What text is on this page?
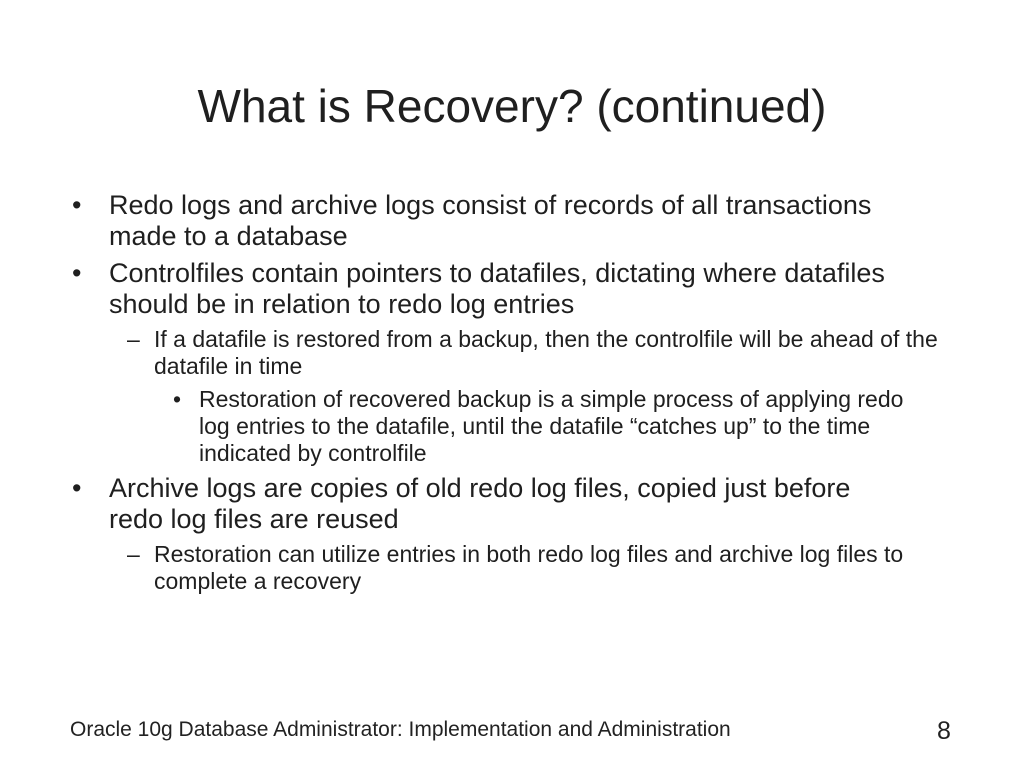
What is Recovery? (continued)
• Redo logs and archive logs consist of records of all transactions made to a database
• Controlfiles contain pointers to datafiles, dictating where datafiles should be in relation to redo log entries
– If a datafile is restored from a backup, then the controlfile will be ahead of the datafile in time
• Restoration of recovered backup is a simple process of applying redo log entries to the datafile, until the datafile “catches up” to the time indicated by controlfile
• Archive logs are copies of old redo log files, copied just before redo log files are reused
– Restoration can utilize entries in both redo log files and archive log files to complete a recovery
Oracle 10g Database Administrator: Implementation and Administration	8
